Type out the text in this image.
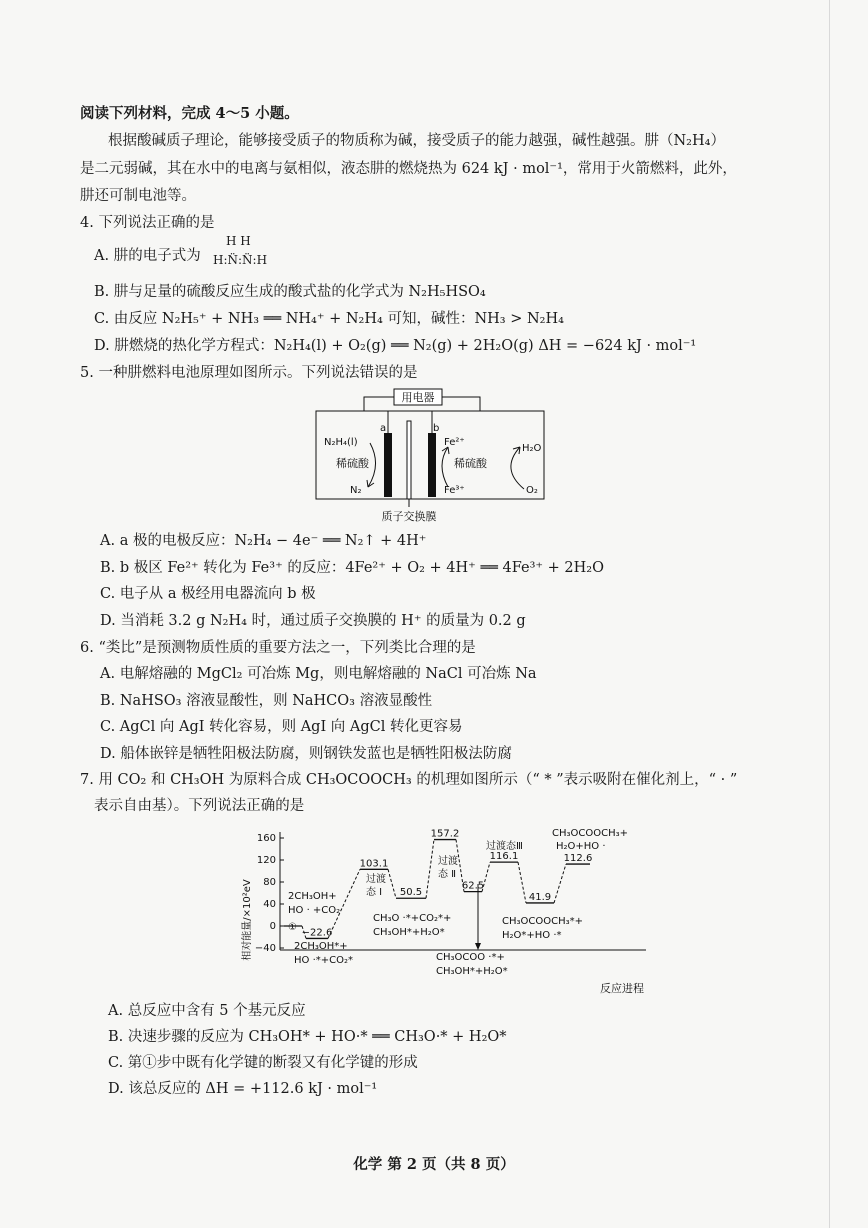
阅读下列材料，完成 4～5 小题。
根据酸碱质子理论，能够接受质子的物质称为碱，接受质子的能力越强，碱性越强。肼（N₂H₄）
是二元弱碱，其在水中的电离与氨相似，液态肼的燃烧热为 624 kJ · mol⁻¹，常用于火箭燃料，此外，
肼还可制电池等。
4. 下列说法正确的是
A. 肼的电子式为
H H
H:N̈:N̈:H
B. 肼与足量的硫酸反应生成的酸式盐的化学式为 N₂H₅HSO₄
C. 由反应 N₂H₅⁺ + NH₃ ══ NH₄⁺ + N₂H₄ 可知，碱性：NH₃ > N₂H₄
D. 肼燃烧的热化学方程式：N₂H₄(l) + O₂(g) ══ N₂(g) + 2H₂O(g) ΔH = −624 kJ · mol⁻¹
5. 一种肼燃料电池原理如图所示。下列说法错误的是
用电器
a	b
N₂H₄(l)
稀硫酸
N₂
Fe²⁺
稀硫酸
Fe³⁺
H₂O
O₂
质子交换膜
A. a 极的电极反应：N₂H₄ − 4e⁻ ══ N₂↑ + 4H⁺
B. b 极区 Fe²⁺ 转化为 Fe³⁺ 的反应：4Fe²⁺ + O₂ + 4H⁺ ══ 4Fe³⁺ + 2H₂O
C. 电子从 a 极经用电器流向 b 极
D. 当消耗 3.2 g N₂H₄ 时，通过质子交换膜的 H⁺ 的质量为 0.2 g
6. “类比”是预测物质性质的重要方法之一，下列类比合理的是
A. 电解熔融的 MgCl₂ 可冶炼 Mg，则电解熔融的 NaCl 可冶炼 Na
B. NaHSO₃ 溶液显酸性，则 NaHCO₃ 溶液显酸性
C. AgCl 向 AgI 转化容易，则 AgI 向 AgCl 转化更容易
D. 船体嵌锌是牺牲阳极法防腐，则钢铁发蓝也是牺牲阳极法防腐
7. 用 CO₂ 和 CH₃OH 为原料合成 CH₃OCOOCH₃ 的机理如图所示（“ * ”表示吸附在催化剂上，“ · ”
表示自由基）。下列说法正确的是
160
120
80
40
0
−40
−22.6
103.1
50.5
157.2
62.5
116.1
41.9
112.6
相对能量/×10²eV
反应进程
2CH₃OH+
HO · +CO₂
①
2CH₃OH*+
HO ·*+CO₂*
过渡
态 Ⅰ
CH₃O ·*+CO₂*+
CH₃OH*+H₂O*
过渡
态 Ⅱ
CH₃OCOO ·*+
CH₃OH*+H₂O*
过渡态Ⅲ
CH₃OCOOCH₃*+
H₂O*+HO ·*
CH₃OCOOCH₃+
H₂O+HO ·
A. 总反应中含有 5 个基元反应
B. 决速步骤的反应为 CH₃OH* + HO·* ══ CH₃O·* + H₂O*
C. 第①步中既有化学键的断裂又有化学键的形成
D. 该总反应的 ΔH = +112.6 kJ · mol⁻¹
化学 第 2 页（共 8 页）
